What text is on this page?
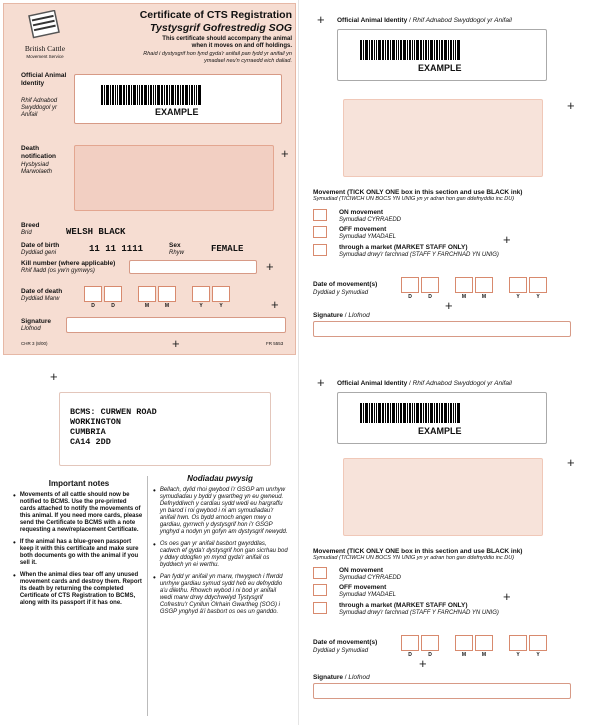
British Cattle
Movement Service
Certificate of CTS Registration
Tystysgrif Gofrestredig SOG
This certificate should accompany the animal when it moves on and off holdings.
Rhaid i dystysgrif hon fynd gyda'r anifail pan fydd yr anifail yn ymadael neu'n cyrraedd eich daliad.
Official Animal Identity
Rhif Adnabod Swyddogol yr Anifail	EXAMPLE
+
Death notification
Hysbysiad Marwolaeth

Breed
Brid	WELSH BLACK
Date of birth
Dyddiad geni	11 11 1111	Sex
Rhyw	FEMALE
Kill number (where applicable)
Rhif lladd (os yw'n gymwys)	+
Date of death
Dyddiad Marw
D	D	M	M	Y	Y	+
Signature
Llofnod
CHR 3 (8/00)	FR 5553
+
+
BCMS: CURWEN ROAD
WORKINGTON
CUMBRIA
CA14 2DD
Important notes
Nodiadau pwysig
• Movements of all cattle should now be notified to BCMS. Use the pre-printed cards attached to notify the movements of this animal. If you need more cards, please send the Certificate to BCMS with a note requesting a new/replacement Certificate.
• If the animal has a blue-green passport keep it with this certificate and make sure both documents go with the animal if you sell it.
• When the animal dies tear off any unused movement cards and destroy them. Report its death by returning the completed Certificate of CTS Registration to BCMS, along with its passport if it has one.
• Bellach, dylid rhoi gwybod i'r GSGP am unrhyw symudiadau y bydd y gwartheg yn eu gwneud. Defnyddiwch y cardiau sydd wedi eu hargraffu yn barod i roi gwybod i ni am symudiadau'r anifail hwn. Os bydd arnoch angen mwy o gardiau, gyrrwch y dystysgrif hon i'r GSGP ynghyd a nodyn yn gofyn am dystysgrif newydd.
• Os oes gan yr anifail basbort gwyrddlas, cadwch ef gyda'r dystysgrif hon gan sicrhau bod y ddwy ddogfen yn mynd gyda'r anifail os byddwch yn ei werthu.
• Pan fydd yr anifail yn marw, rhwygwch i ffwrdd unrhyw gardiau symud sydd heb eu defnyddio a'u dilethu. Rhowch wybod i ni bod yr anifail wedi marw drwy ddychwelyd Tystysgrif Cofrestru'r Cynllun Olrhain Gwartheg (SOG) i GSGP ynghyd â'i basbort os oes un ganddo.
+ Official Animal Identity / Rhif Adnabod Swyddogol yr Anifail
EXAMPLE
+

Movement (TICK ONLY ONE box in this section and use BLACK ink)
Symudiad (TICIWCH UN BOCS YN UNIG yn yr adran hon gan ddefnyddio inc DU)
ON movement
Symudiad CYRRAEDD
OFF movement
Symudiad YMADAEL	+
through a market (MARKET STAFF ONLY)
Symudiad drwy'r farchnad (STAFF Y FARCHNAD YN UNIG)
Date of movement(s)
Dyddiad y Symudiad
D	D	M	M	Y	Y
+
Signature / Llofnod
+ Official Animal Identity / Rhif Adnabod Swyddogol yr Anifail
EXAMPLE
+

Movement (TICK ONLY ONE box in this section and use BLACK ink)
Symudiad (TICIWCH UN BOCS YN UNIG yn yr adran hon gan ddefnyddio inc DU)
ON movement
Symudiad CYRRAEDD
OFF movement
Symudiad YMADAEL	+
through a market (MARKET STAFF ONLY)
Symudiad drwy'r farchnad (STAFF Y FARCHNAD YN UNIG)
Date of movement(s)
Dyddiad y Symudiad
D	D	M	M	Y	Y
+
Signature / Llofnod
